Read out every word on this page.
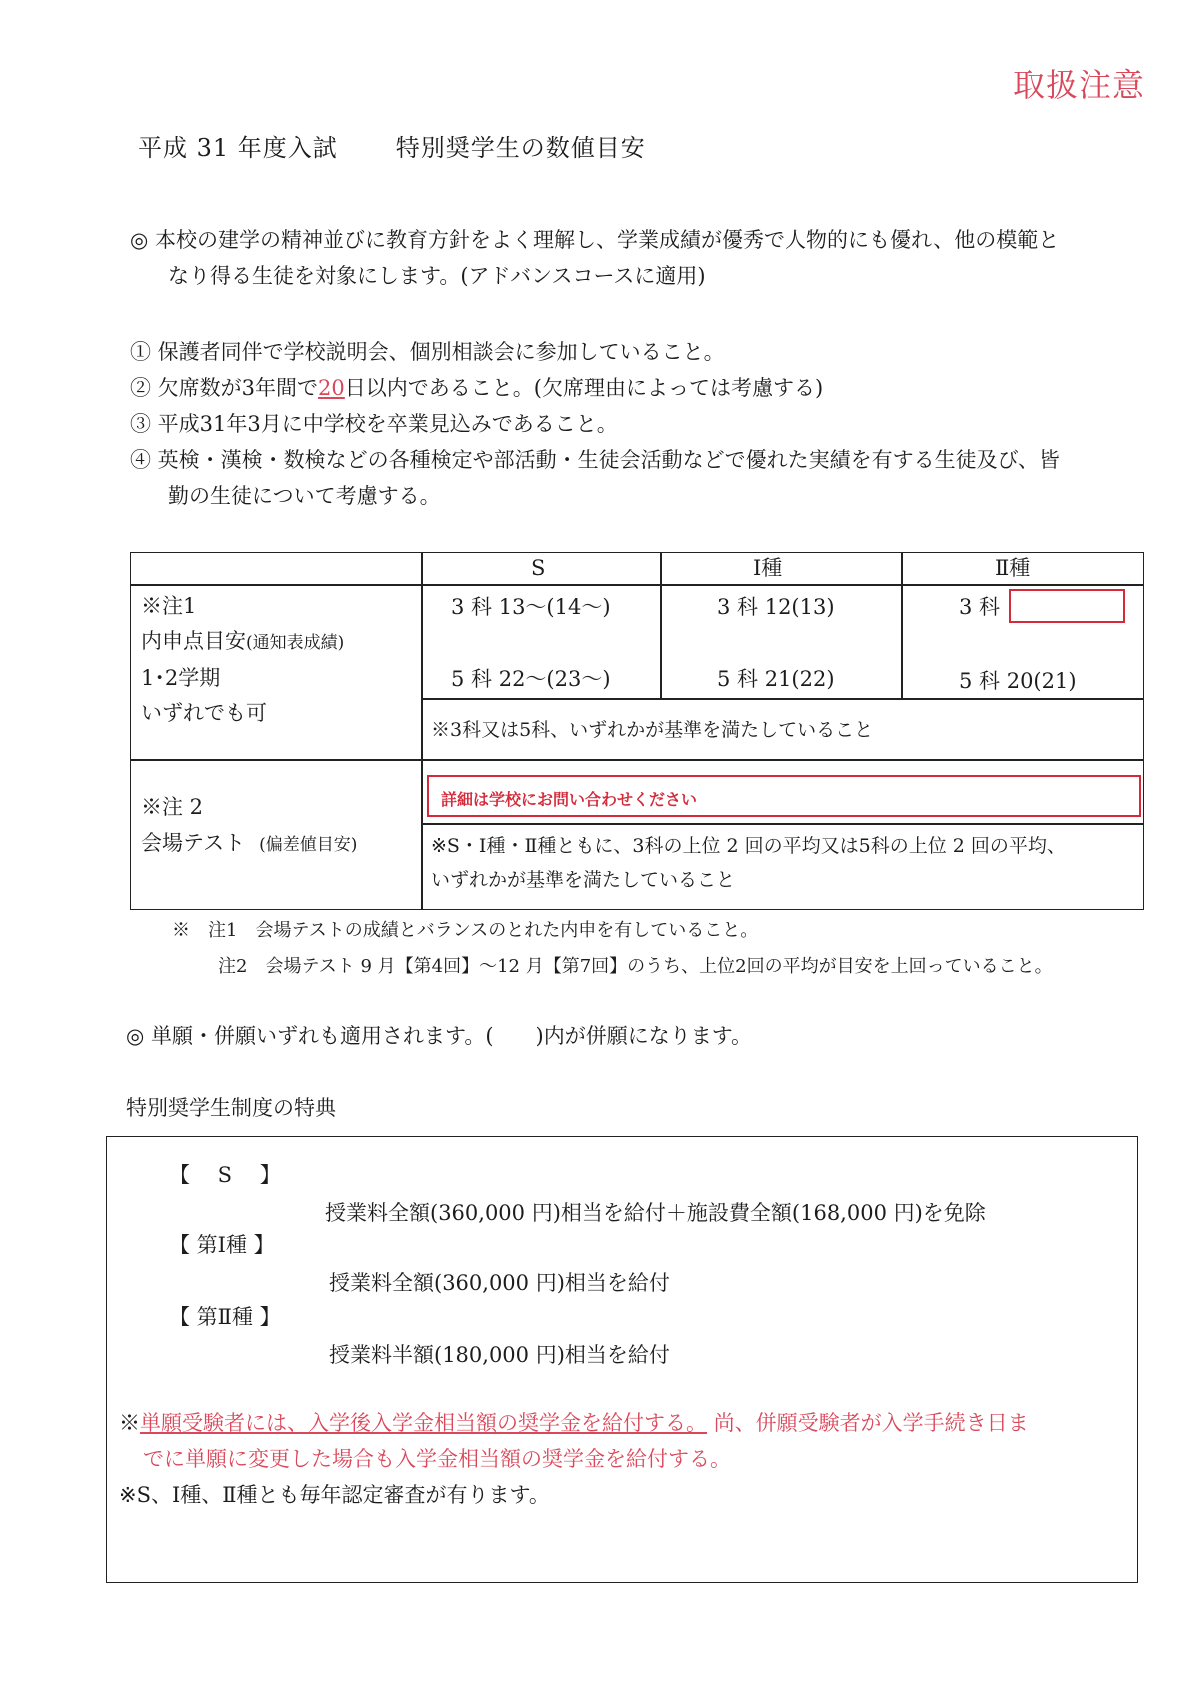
取扱注意
平成 31 年度入試 特別奨学生の数値目安
◎ 本校の建学の精神並びに教育方針をよく理解し、学業成績が優秀で人物的にも優れ、他の模範と
なり得る生徒を対象にします。(アドバンスコースに適用)
① 保護者同伴で学校説明会、個別相談会に参加していること。
② 欠席数が3年間で20日以内であること。(欠席理由によっては考慮する)
③ 平成31年3月に中学校を卒業見込みであること。
④ 英検・漢検・数検などの各種検定や部活動・生徒会活動などで優れた実績を有する生徒及び、皆
勤の生徒について考慮する。
S	Ⅰ種	Ⅱ種
※注1
内申点目安(通知表成績)
1･2学期
いずれでも可
3 科 13～(14～)
5 科 22～(23～)
3 科 12(13)
5 科 21(22)
3 科
5 科 20(21)
※3科又は5科、いずれかが基準を満たしていること
※注 2
会場テスト (偏差値目安)
詳細は学校にお問い合わせください
※S・Ⅰ種・Ⅱ種ともに、3科の上位 2 回の平均又は5科の上位 2 回の平均、
いずれかが基準を満たしていること
※　注1　会場テストの成績とバランスのとれた内申を有していること。
注2　会場テスト 9 月【第4回】～12 月【第7回】のうち、上位2回の平均が目安を上回っていること。
◎ 単願・併願いずれも適用されます。(　　)内が併願になります。
特別奨学生制度の特典
【　 S　 】
授業料全額(360,000 円)相当を給付＋施設費全額(168,000 円)を免除
【 第Ⅰ種 】
授業料全額(360,000 円)相当を給付
【 第Ⅱ種 】
授業料半額(180,000 円)相当を給付
※単願受験者には、入学後入学金相当額の奨学金を給付する。 尚、併願受験者が入学手続き日ま
でに単願に変更した場合も入学金相当額の奨学金を給付する。
※S、Ⅰ種、Ⅱ種とも毎年認定審査が有ります。
